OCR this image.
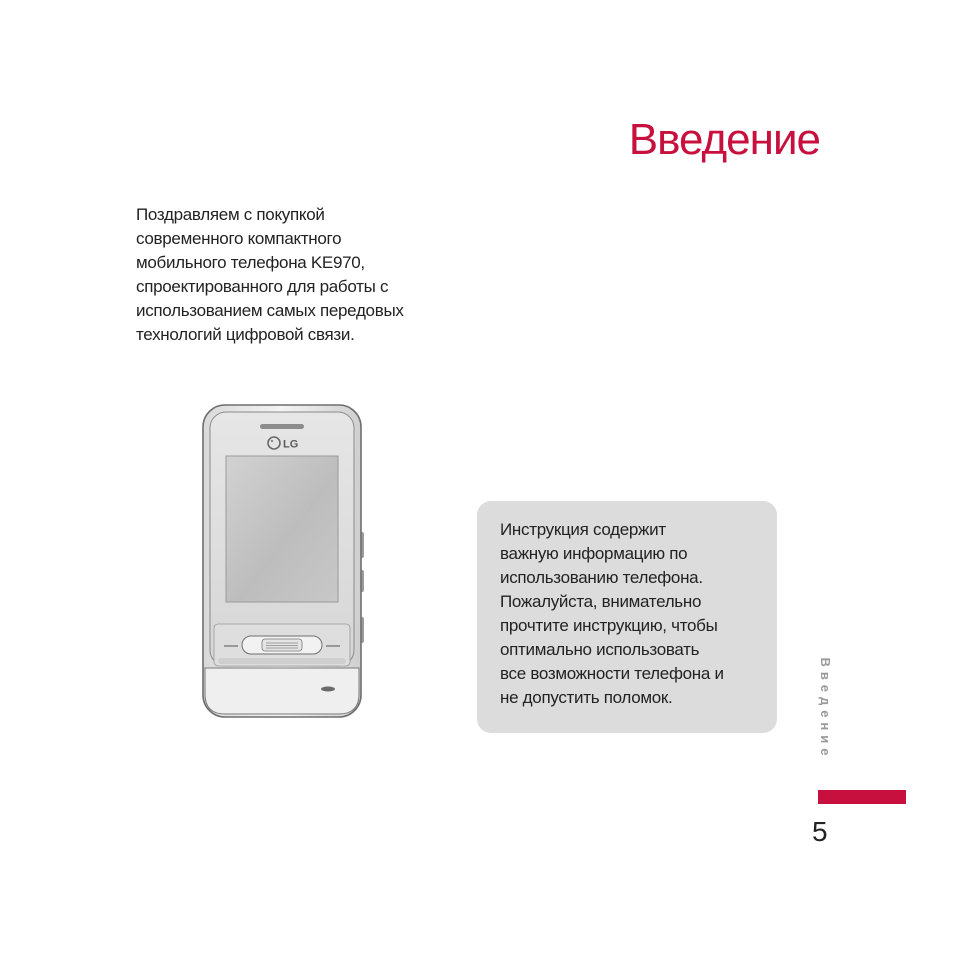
Введение
Поздравляем с покупкой
современного компактного
мобильного телефона KE970,
спроектированного для работы с
использованием самых передовых
технологий цифровой связи.
LG
Инструкция содержит
важную информацию по
использованию телефона.
Пожалуйста, внимательно
прочтите инструкцию, чтобы
оптимально использовать
все возможности телефона и
не допустить поломок.	Введение
5
